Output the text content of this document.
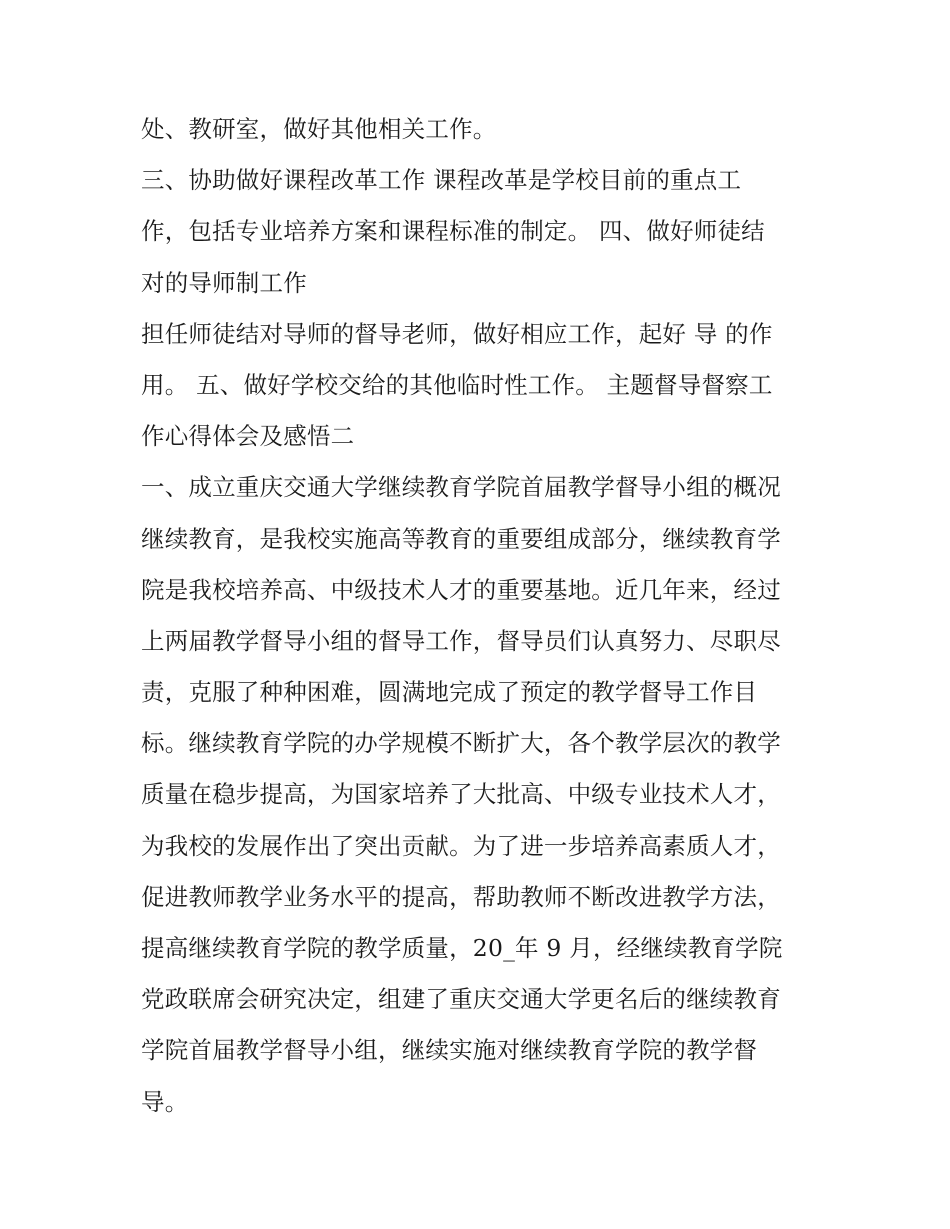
处、教研室，做好其他相关工作。
三、协助做好课程改革工作 课程改革是学校目前的重点工
作，包括专业培养方案和课程标准的制定。 四、做好师徒结
对的导师制工作
担任师徒结对导师的督导老师，做好相应工作，起好 导 的作
用。 五、做好学校交给的其他临时性工作。 主题督导督察工
作心得体会及感悟二
一、成立重庆交通大学继续教育学院首届教学督导小组的概况
继续教育，是我校实施高等教育的重要组成部分，继续教育学
院是我校培养高、中级技术人才的重要基地。近几年来，经过
上两届教学督导小组的督导工作，督导员们认真努力、尽职尽
责，克服了种种困难，圆满地完成了预定的教学督导工作目
标。继续教育学院的办学规模不断扩大，各个教学层次的教学
质量在稳步提高，为国家培养了大批高、中级专业技术人才，
为我校的发展作出了突出贡献。为了进一步培养高素质人才，
促进教师教学业务水平的提高，帮助教师不断改进教学方法，
提高继续教育学院的教学质量，20_年 9 月，经继续教育学院
党政联席会研究决定，组建了重庆交通大学更名后的继续教育
学院首届教学督导小组，继续实施对继续教育学院的教学督
导。
